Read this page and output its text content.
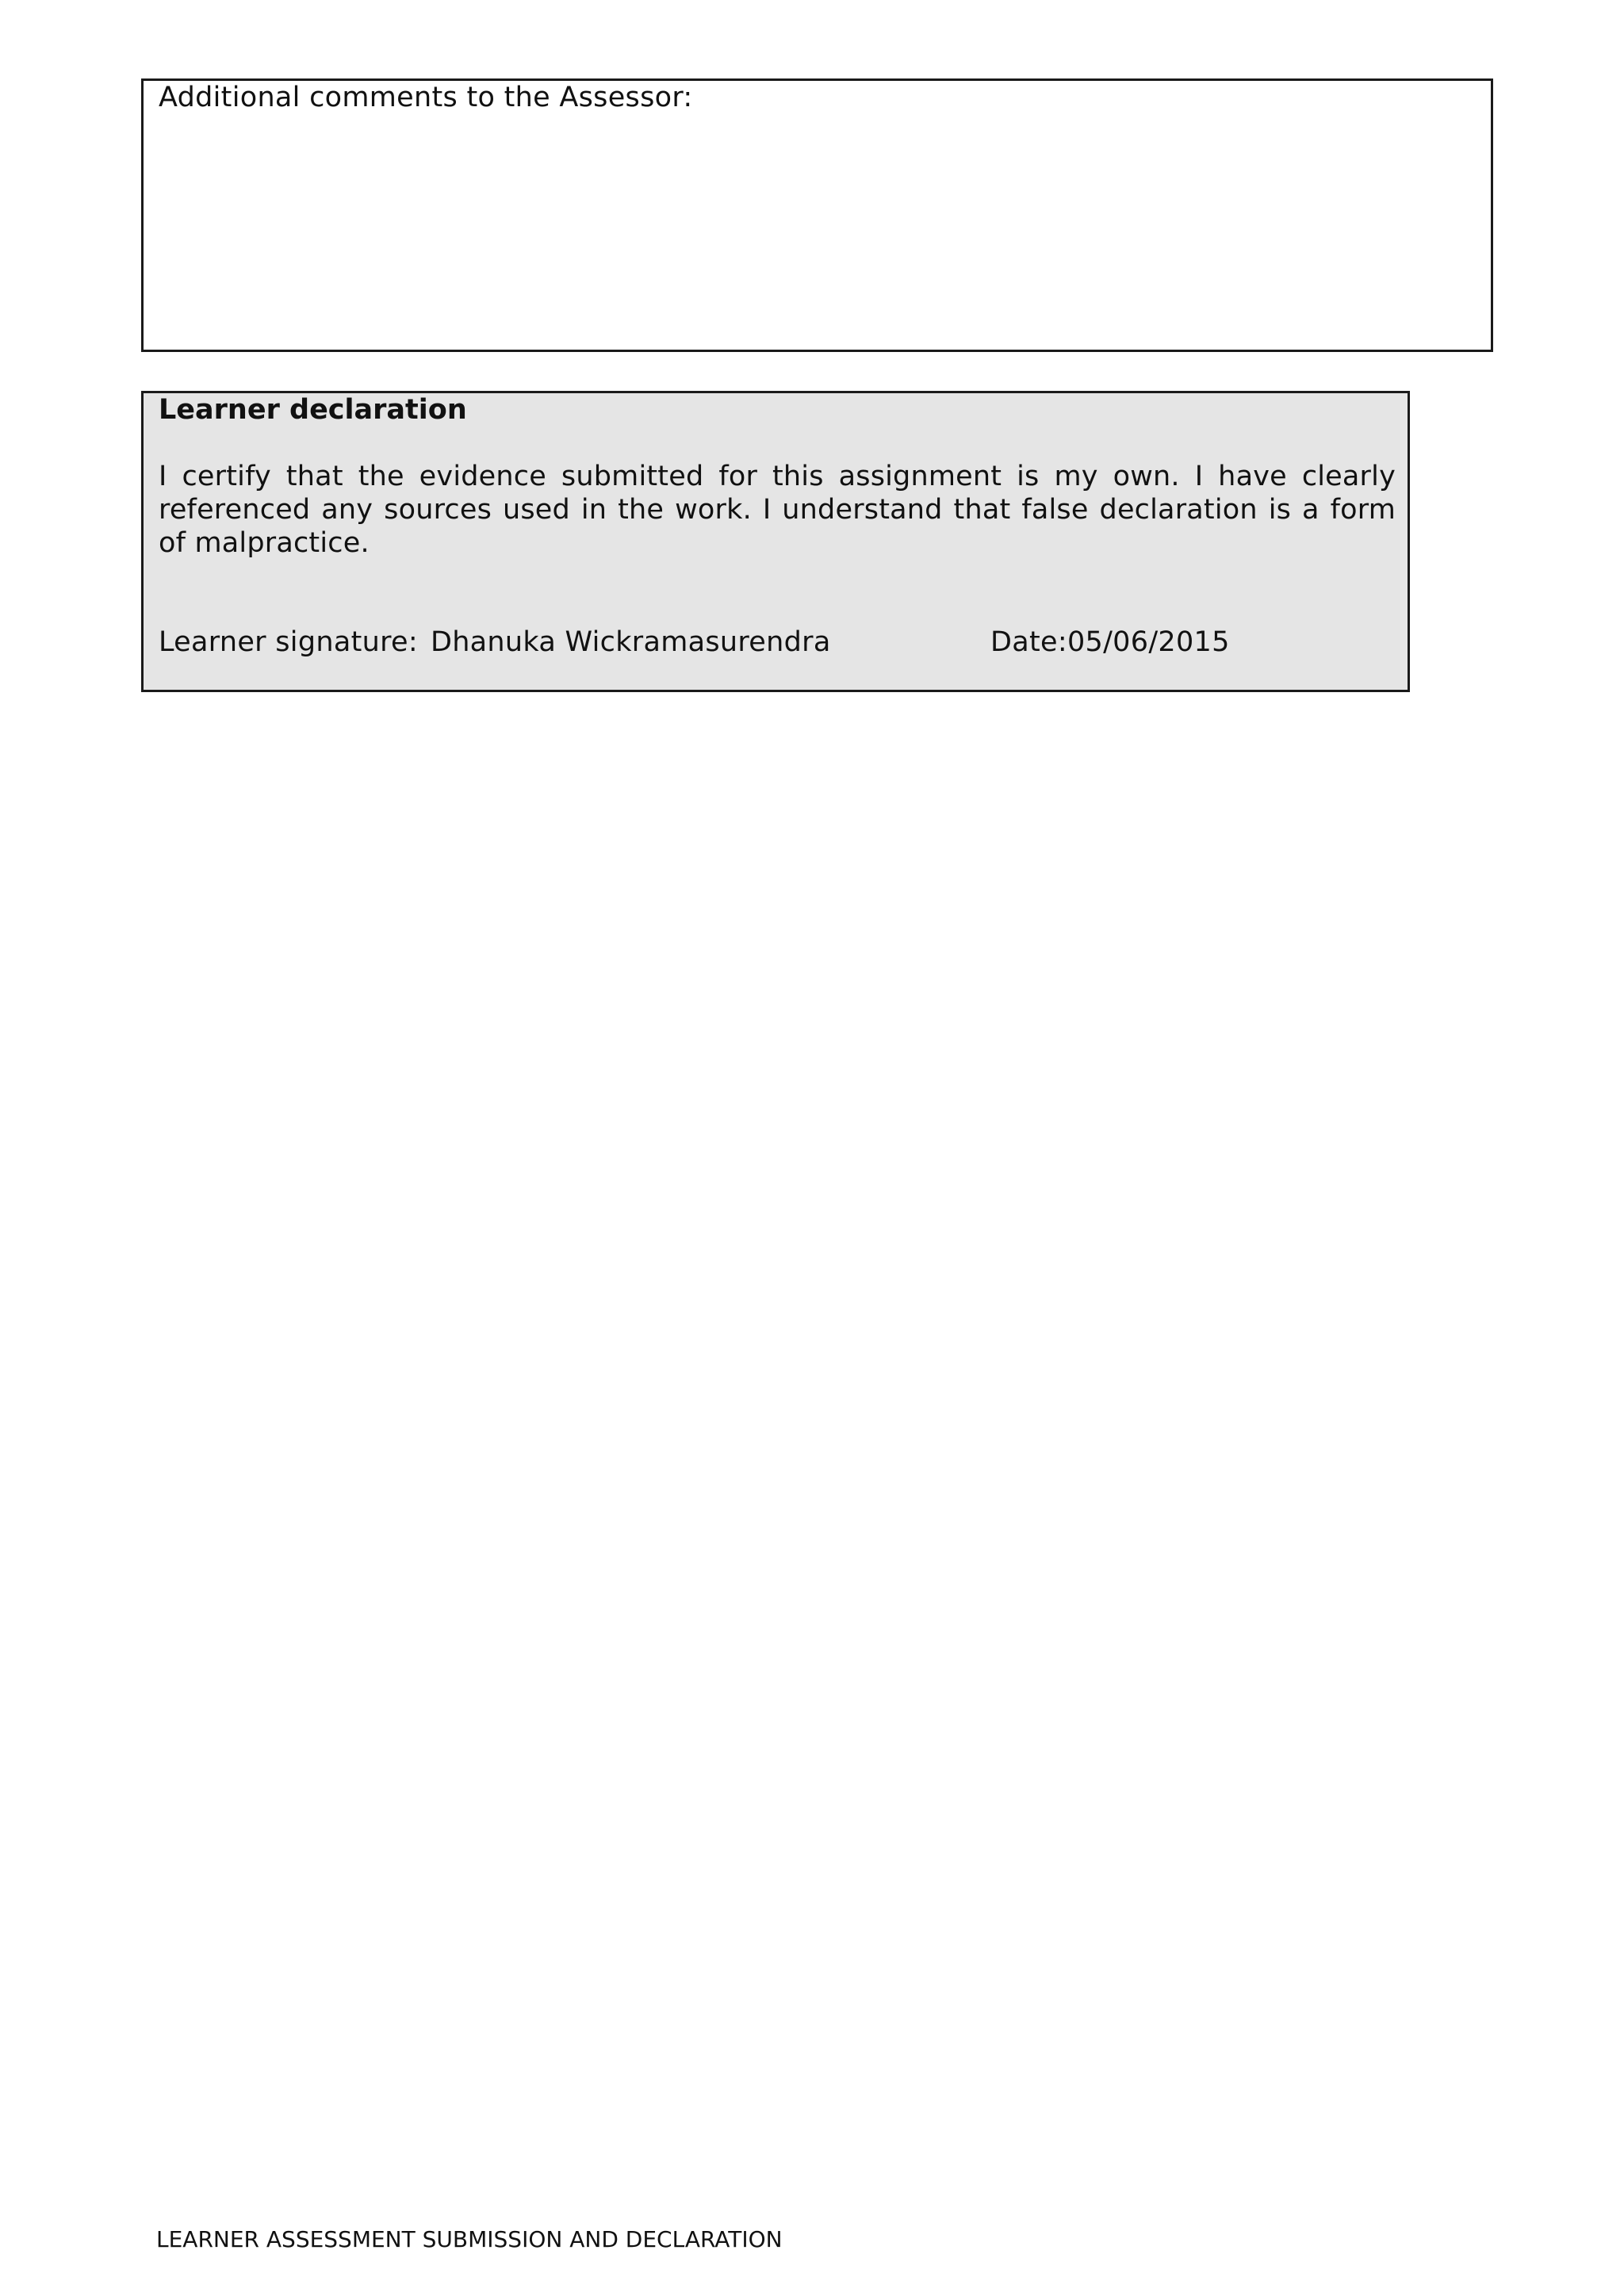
Additional comments to the Assessor:
Learner declaration
I certify that the evidence submitted for this assignment is my own. I have clearly referenced any sources used in the work. I understand that false declaration is a form of malpractice.
Learner signature: Dhanuka Wickramasurendra	Date:05/06/2015
LEARNER ASSESSMENT SUBMISSION AND DECLARATION
